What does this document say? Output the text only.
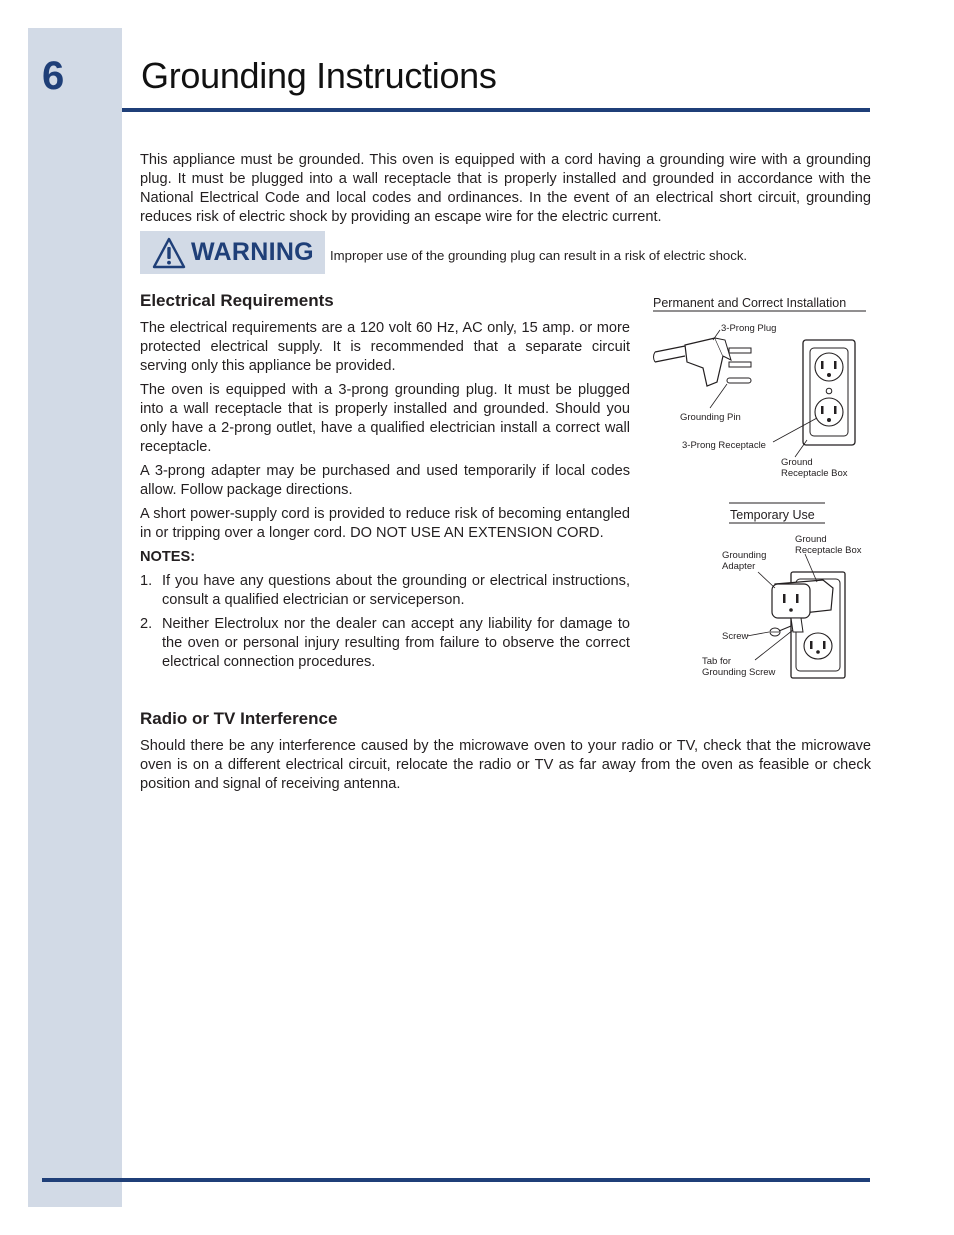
6 Grounding Instructions
This appliance must be grounded. This oven is equipped with a cord having a grounding wire with a grounding plug. It must be plugged into a wall receptacle that is properly installed and grounded in accordance with the National Electrical Code and local codes and ordinances. In the event of an electrical short circuit, grounding reduces risk of electric shock by providing an escape wire for the electric current.
WARNING Improper use of the grounding plug can result in a risk of electric shock.
Electrical Requirements

The electrical requirements are a 120 volt 60 Hz, AC only, 15 amp. or more protected electrical supply. It is recommended that a separate circuit serving only this appliance be provided.

The oven is equipped with a 3-prong grounding plug. It must be plugged into a wall receptacle that is properly installed and grounded. Should you only have a 2-prong outlet, have a qualified electrician install a correct wall receptacle.

A 3-prong adapter may be purchased and used temporarily if local codes allow. Follow package directions.

A short power-supply cord is provided to reduce risk of becoming entangled in or tripping over a longer cord. DO NOT USE AN EXTENSION CORD.

NOTES:
1. If you have any questions about the grounding or electrical instructions, consult a qualified electrician or serviceperson.
2. Neither Electrolux nor the dealer can accept any liability for damage to the oven or personal injury resulting from failure to observe the correct electrical connection procedures.
Permanent and Correct Installation
3-Prong Plug
Grounding Pin
3-Prong Receptacle
Ground
Receptacle Box
Temporary Use
Grounding
Adapter
Ground
Receptacle Box
Screw
Tab for
Grounding Screw
Radio or TV Interference
Should there be any interference caused by the microwave oven to your radio or TV, check that the microwave oven is on a different electrical circuit, relocate the radio or TV as far away from the oven as feasible or check position and signal of receiving antenna.
